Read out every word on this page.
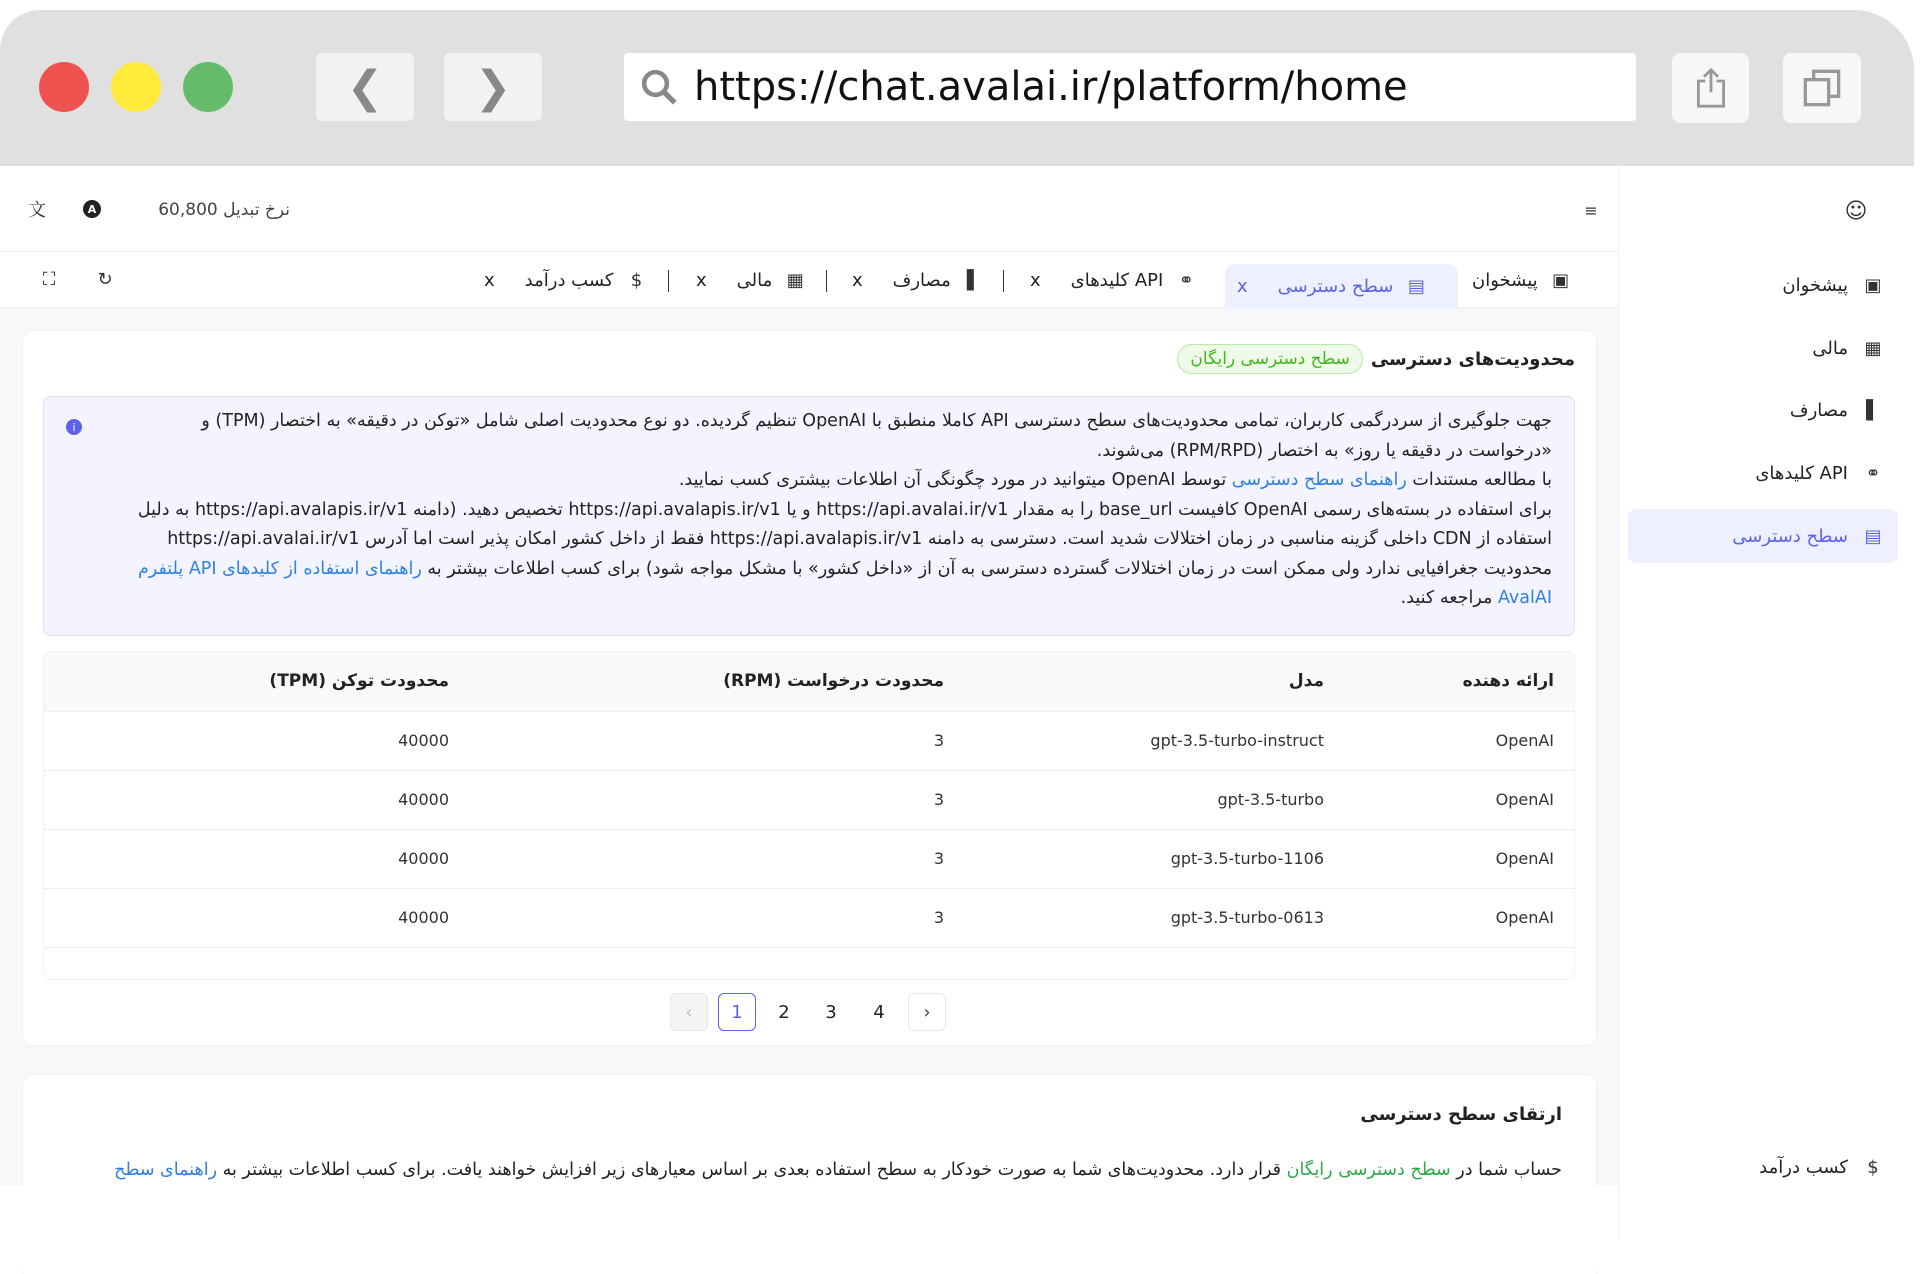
❮ ❯	https://chat.avalai.ir/platform/home
文	A	نرخ تبدیل 60,800	≡
⛶ ↻	پیشخوان ▣
x سطح دسترسی ▤
x کلیدهای API ⚭
x مصارف ▌
x مالی ▦
x کسب درآمد $
☺
پیشخوان ▣
مالی ▦
مصارف ▌
کلیدهای API ⚭
سطح دسترسی ▤
کسب درآمد $
محدودیت‌های دسترسی
سطح دسترسی رایگان
i	جهت جلوگیری از سردرگمی کاربران، تمامی محدودیت‌های سطح دسترسی API کاملا منطبق با OpenAI تنظیم گردیده. دو نوع محدودیت اصلی شامل «توکن در دقیقه» به اختصار (TPM) و «درخواست در دقیقه یا روز» به اختصار (RPM/RPD) می‌شوند.
با مطالعه مستندات راهنمای سطح دسترسی توسط OpenAI میتوانید در مورد چگونگی آن اطلاعات بیشتری کسب نمایید.
برای استفاده در بسته‌های رسمی OpenAI کافیست base_url را به مقدار https://api.avalai.ir/v1 و یا https://api.avalapis.ir/v1 تخصیص دهید. (دامنه https://api.avalapis.ir/v1 به دلیل استفاده از CDN داخلی گزینه مناسبی در زمان اختلالات شدید است. دسترسی به دامنه https://api.avalapis.ir/v1 فقط از داخل کشور امکان پذیر است اما آدرس https://api.avalai.ir/v1 محدودیت جغرافیایی ندارد ولی ممکن است در زمان اختلالات گسترده دسترسی به آن از «داخل کشور» با مشکل مواجه شود) برای کسب اطلاعات بیشتر به راهنمای استفاده از کلیدهای API پلتفرم AvalAI مراجعه کنید.

ارائه دهنده	مدل	محدودت درخواست (RPM)	محدودت توکن (TPM)
OpenAI	gpt-3.5-turbo-instruct	3	40000
OpenAI	gpt-3.5-turbo	3	40000
OpenAI	gpt-3.5-turbo-1106	3	40000
OpenAI	gpt-3.5-turbo-0613	3	40000

‹	1	2	3	4	›
ارتقای سطح دسترسی
حساب شما در سطح دسترسی رایگان قرار دارد. محدودیت‌های شما به صورت خودکار به سطح استفاده بعدی بر اساس معیارهای زیر افزایش خواهند یافت. برای کسب اطلاعات بیشتر به راهنمای سطح
